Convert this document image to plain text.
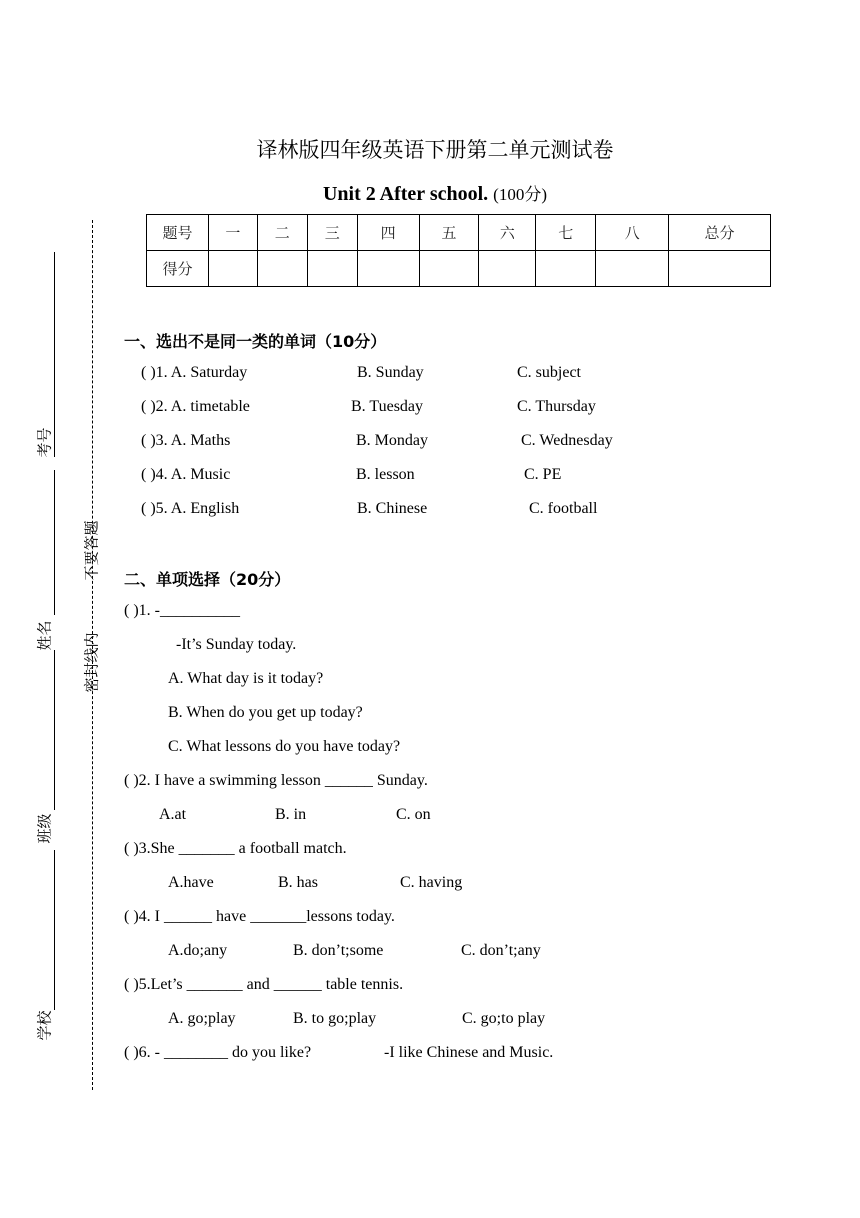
译林版四年级英语下册第二单元测试卷
Unit 2 After school. (100分)
题号	一	二	三	四	五	六	七	八	总分
得分									
考号
姓名
班级
学校
不要答题
密封线内
一、选出不是同一类的单词（10分）
( )1. A. Saturday	B. Sunday	C. subject
( )2. A. timetable	B. Tuesday	C. Thursday
( )3. A. Maths	B. Monday	C. Wednesday
( )4. A. Music	B. lesson	C. PE
( )5. A. English	B. Chinese	C. football
二、单项选择（20分）
( )1. -__________
-It’s Sunday today.
A. What day is it today?
B. When do you get up today?
C. What lessons do you have today?
( )2. I have a swimming lesson ______ Sunday.
A.at	B. in	C. on
( )3.She _______ a football match.
A.have	B. has	C. having
( )4. I ______ have _______lessons today.
A.do;any	B. don’t;some	C. don’t;any
( )5.Let’s _______ and ______ table tennis.
A. go;play	B. to go;play	C. go;to play
( )6. - ________ do you like?	-I like Chinese and Music.
